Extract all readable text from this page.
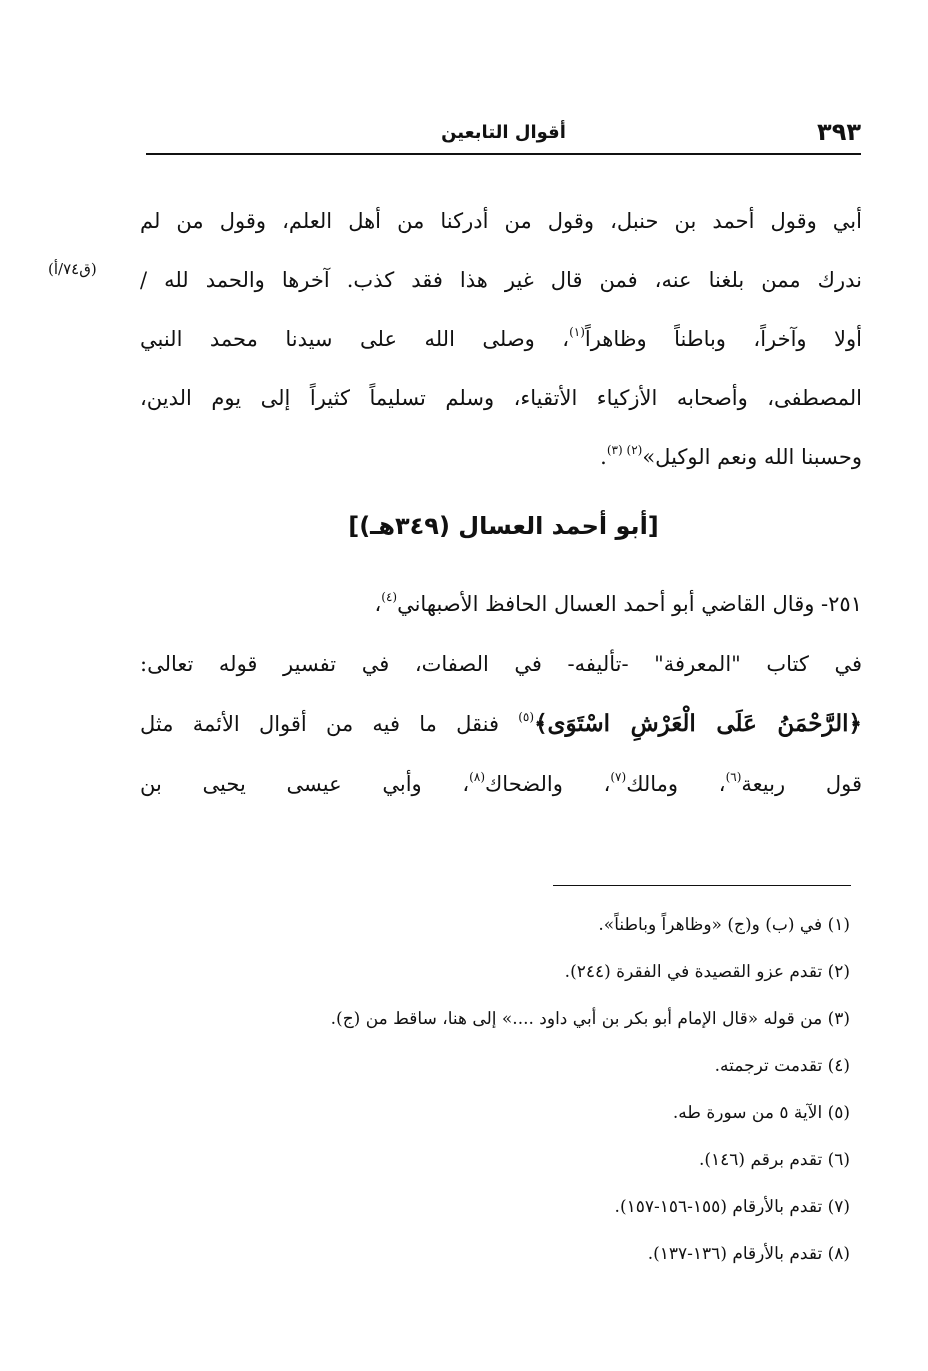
٣٩٣
أقوال التابعين
(ق٧٤/أ)
أبي وقول أحمد بن حنبل، وقول من أدركنا من أهل العلم، وقول من لم
ندرك ممن بلغنا عنه، فمن قال غير هذا فقد كذب. آخرها والحمد لله /
أولا وآخراً، وباطناً وظاهراً$^{(١)}$، وصلى الله على سيدنا محمد النبي
المصطفى، وأصحابه الأزكياء الأتقياء، وسلم تسليماً كثيراً إلى يوم الدين،
وحسبنا الله ونعم الوكيل»$^{(٢) (٣)}$.
[أبو أحمد العسال (٣٤٩هـ)]
٢٥١- وقال القاضي أبو أحمد العسال الحافظ الأصبهاني$^{(٤)}$،
في كتاب "المعرفة" -تأليفه- في الصفات، في تفسير قوله تعالى:
﴿الرَّحْمَنُ عَلَى الْعَرْشِ اسْتَوَى﴾$^{(٥)}$ فنقل ما فيه من أقوال الأئمة مثل
قول ربيعة$^{(٦)}$، ومالك$^{(٧)}$، والضحاك$^{(٨)}$، وأبي عيسى يحيى بن
(١) في (ب) و(ج) «وظاهراً وباطناً».
(٢) تقدم عزو القصيدة في الفقرة (٢٤٤).
(٣) من قوله «قال الإمام أبو بكر بن أبي داود ....» إلى هنا، ساقط من (ج).
(٤) تقدمت ترجمته.
(٥) الآية ٥ من سورة طه.
(٦) تقدم برقم (١٤٦).
(٧) تقدم بالأرقام (١٥٥-١٥٦-١٥٧).
(٨) تقدم بالأرقام (١٣٦-١٣٧).
